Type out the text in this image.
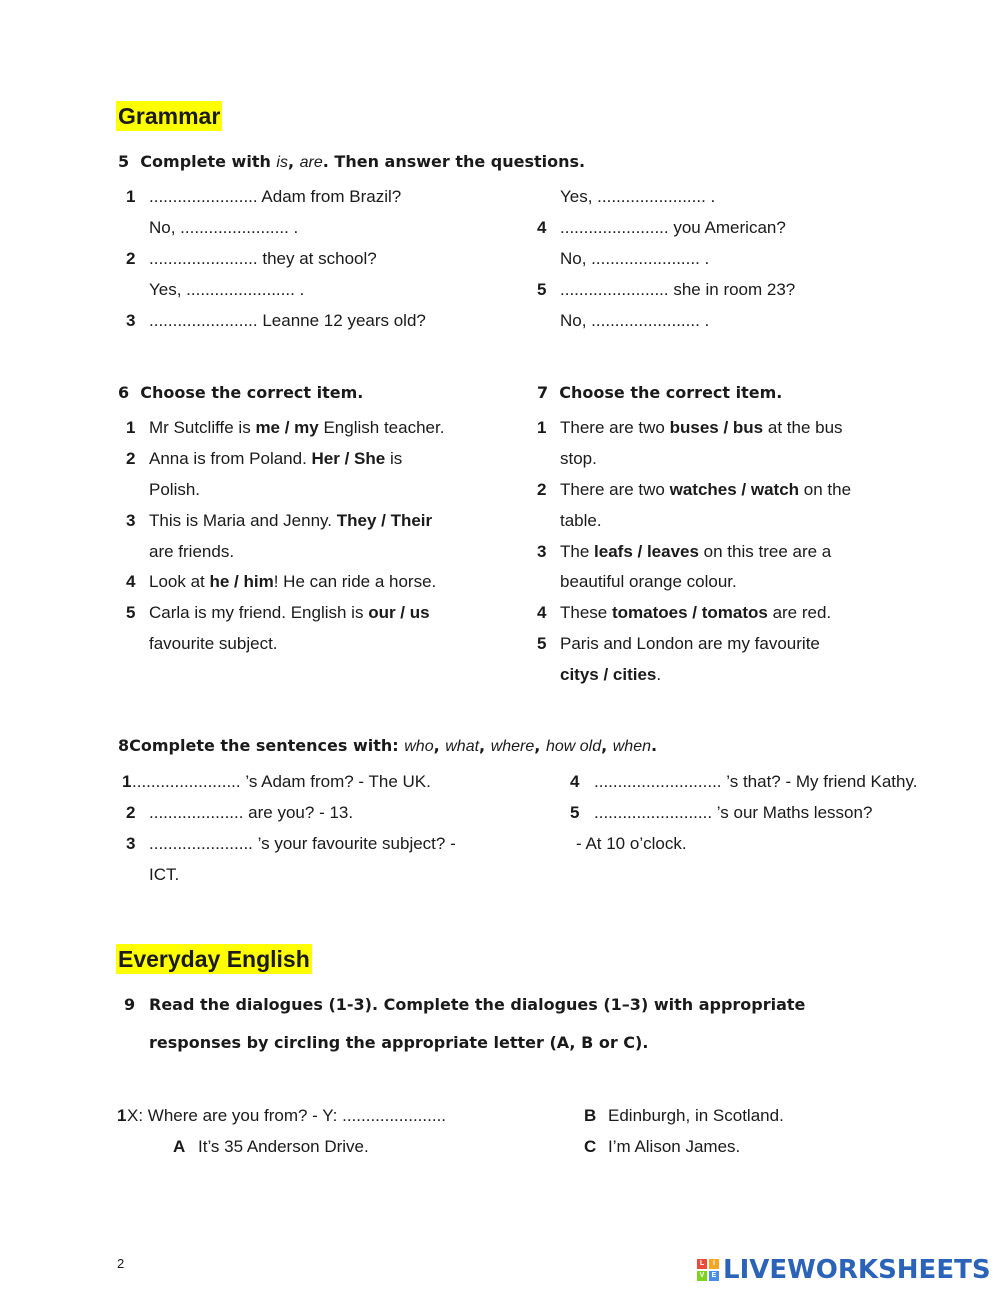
Grammar
5 Complete with is, are. Then answer the questions.
1 ....................... Adam from Brazil?
No, ....................... .
2 ....................... they at school?
Yes, ....................... .
3 ....................... Leanne 12 years old?
Yes, ....................... .
4 ....................... you American?
No, ....................... .
5 ....................... she in room 23?
No, ....................... .
6 Choose the correct item.
1 Mr Sutcliffe is me / my English teacher.
2 Anna is from Poland. Her / She is
Polish.
3 This is Maria and Jenny. They / Their
are friends.
4 Look at he / him! He can ride a horse.
5 Carla is my friend. English is our / us
favourite subject.
7 Choose the correct item.
1 There are two buses / bus at the bus
stop.
2 There are two watches / watch on the
table.
3 The leafs / leaves on this tree are a
beautiful orange colour.
4 These tomatoes / tomatos are red.
5 Paris and London are my favourite
citys / cities.
8Complete the sentences with: who, what, where, how old, when.
1 ....................... ’s Adam from? - The UK.
2 .................... are you? - 13.
3 ...................... ’s your favourite subject? -
ICT.
4 ........................... ’s that? - My friend Kathy.
5 ......................... ’s our Maths lesson?
- At 10 o’clock.
Everyday English
9 Read the dialogues (1-3). Complete the dialogues (1–3) with appropriate
responses by circling the appropriate letter (A, B or C).
1 X: Where are you from? - Y: ......................
A It’s 35 Anderson Drive.
B Edinburgh, in Scotland.
C I’m Alison James.
2	L	I
V	E LIVEWORKSHEETS
